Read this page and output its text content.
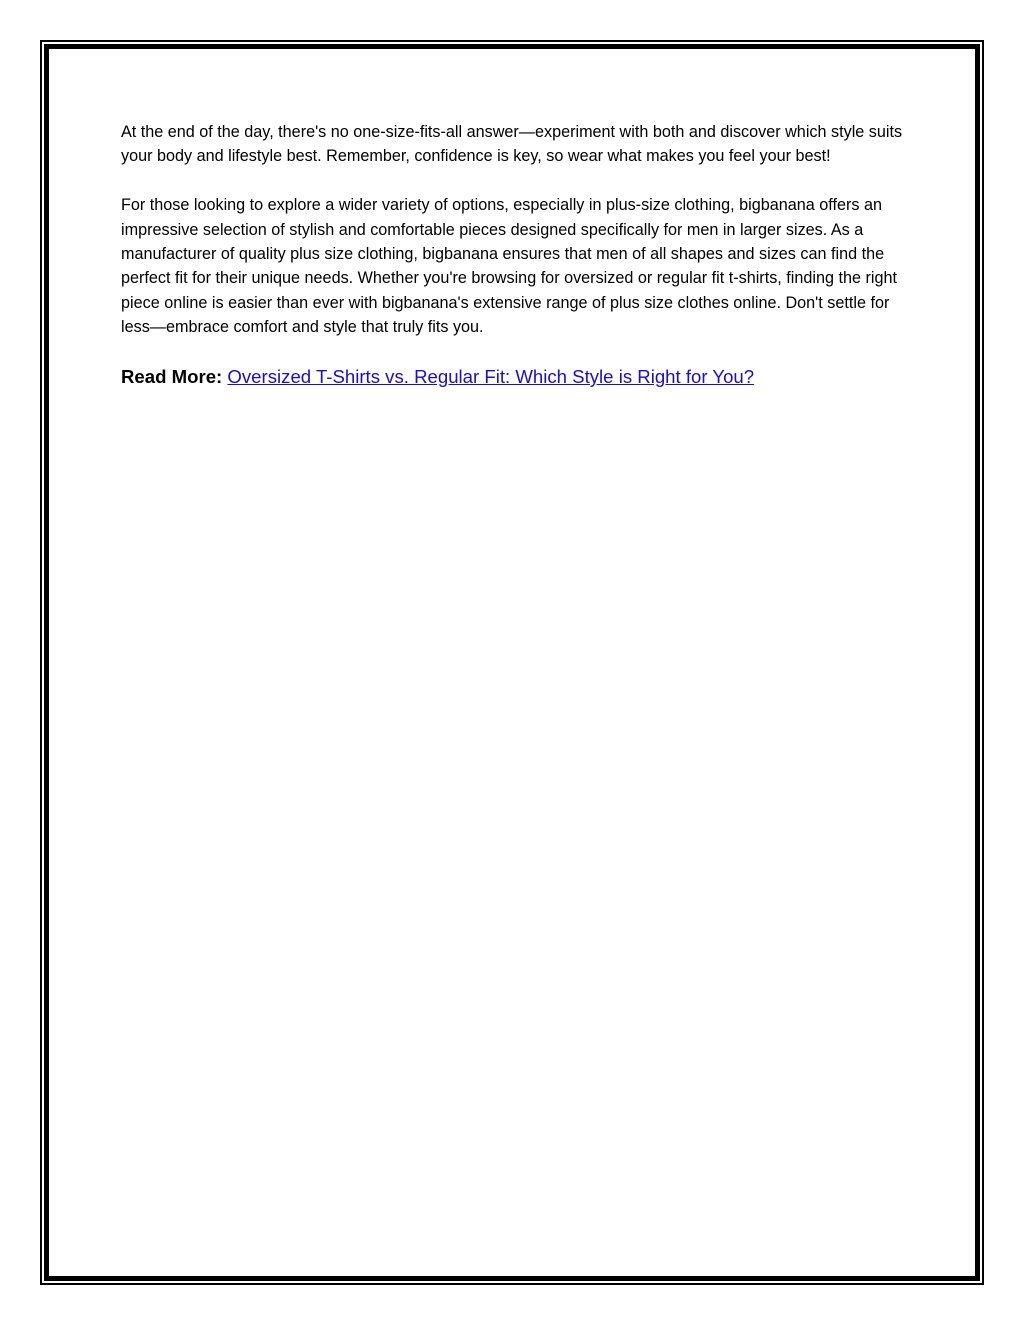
At the end of the day, there's no one-size-fits-all answer—experiment with both and discover which style suits your body and lifestyle best. Remember, confidence is key, so wear what makes you feel your best!

For those looking to explore a wider variety of options, especially in plus-size clothing, bigbanana offers an impressive selection of stylish and comfortable pieces designed specifically for men in larger sizes. As a manufacturer of quality plus size clothing, bigbanana ensures that men of all shapes and sizes can find the perfect fit for their unique needs. Whether you're browsing for oversized or regular fit t-shirts, finding the right piece online is easier than ever with bigbanana's extensive range of plus size clothes online. Don't settle for less—embrace comfort and style that truly fits you.

Read More: Oversized T-Shirts vs. Regular Fit: Which Style is Right for You?
